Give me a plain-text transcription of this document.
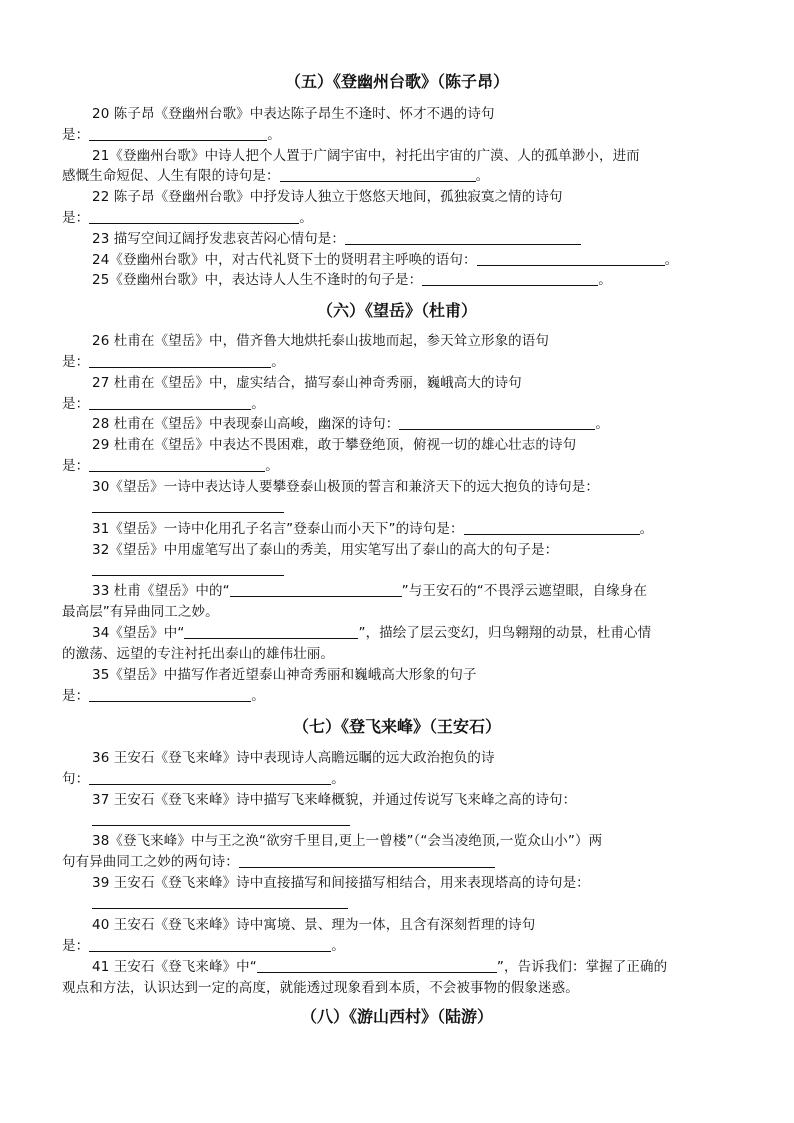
（五）《登幽州台歌》（陈子昂）
20 陈子昂《登幽州台歌》中表达陈子昂生不逢时、怀才不遇的诗句
是：	。
21《登幽州台歌》中诗人把个人置于广阔宇宙中，衬托出宇宙的广漠、人的孤单渺小，进而
感慨生命短促、人生有限的诗句是：	。
22 陈子昂《登幽州台歌》中抒发诗人独立于悠悠天地间，孤独寂寞之情的诗句
是：	。
23 描写空间辽阔抒发悲哀苦闷心情句是：
24《登幽州台歌》中，对古代礼贤下士的贤明君主呼唤的语句：	。
25《登幽州台歌》中，表达诗人人生不逢时的句子是：	。
（六）《望岳》（杜甫）
26 杜甫在《望岳》中，借齐鲁大地烘托泰山拔地而起，参天耸立形象的语句
是：	。
27 杜甫在《望岳》中，虚实结合，描写泰山神奇秀丽，巍峨高大的诗句
是：	。
28 杜甫在《望岳》中表现泰山高峻，幽深的诗句：	。
29 杜甫在《望岳》中表达不畏困难，敢于攀登绝顶，俯视一切的雄心壮志的诗句
是：	。
30《望岳》一诗中表达诗人要攀登泰山极顶的誓言和兼济天下的远大抱负的诗句是：
31《望岳》一诗中化用孔子名言”登泰山而小天下”的诗句是：	。
32《望岳》中用虚笔写出了泰山的秀美，用实笔写出了泰山的高大的句子是：
33 杜甫《望岳》中的“	”与王安石的“不畏浮云遮望眼，自缘身在
最高层”有异曲同工之妙。
34《望岳》中“	”，描绘了层云变幻，归鸟翱翔的动景，杜甫心情
的激荡、远望的专注衬托出泰山的雄伟壮丽。
35《望岳》中描写作者近望泰山神奇秀丽和巍峨高大形象的句子
是：	。
（七）《登飞来峰》（王安石）
36 王安石《登飞来峰》诗中表现诗人高瞻远瞩的远大政治抱负的诗
句：	。
37 王安石《登飞来峰》诗中描写飞来峰概貌，并通过传说写飞来峰之高的诗句：
38《登飞来峰》中与王之涣“欲穷千里目,更上一曾楼”（“会当凌绝顶,一览众山小”）两
句有异曲同工之妙的两句诗：
39 王安石《登飞来峰》诗中直接描写和间接描写相结合，用来表现塔高的诗句是：
40 王安石《登飞来峰》诗中寓境、景、理为一体，且含有深刻哲理的诗句
是：	。
41 王安石《登飞来峰》中“	”，告诉我们：掌握了正确的
观点和方法，认识达到一定的高度，就能透过现象看到本质，不会被事物的假象迷惑。
（八）《游山西村》（陆游）
